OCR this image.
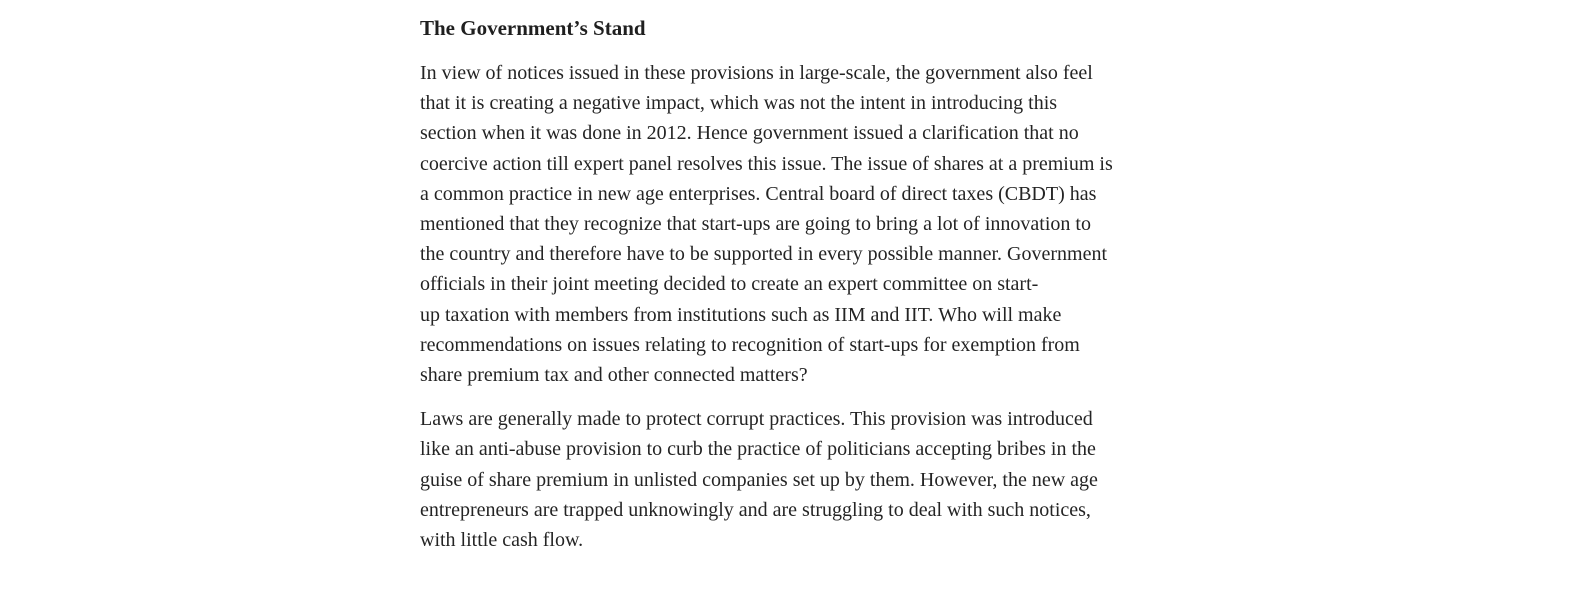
The Government’s Stand

In view of notices issued in these provisions in large-scale, the government also feel
that it is creating a negative impact, which was not the intent in introducing this
section when it was done in 2012. Hence government issued a clarification that no
coercive action till expert panel resolves this issue. The issue of shares at a premium is
a common practice in new age enterprises. Central board of direct taxes (CBDT) has
mentioned that they recognize that start-ups are going to bring a lot of innovation to
the country and therefore have to be supported in every possible manner. Government
officials in their joint meeting decided to create an expert committee on start-
up taxation with members from institutions such as IIM and IIT. Who will make
recommendations on issues relating to recognition of start-ups for exemption from
share premium tax and other connected matters?

Laws are generally made to protect corrupt practices. This provision was introduced
like an anti-abuse provision to curb the practice of politicians accepting bribes in the
guise of share premium in unlisted companies set up by them. However, the new age
entrepreneurs are trapped unknowingly and are struggling to deal with such notices,
with little cash flow.
